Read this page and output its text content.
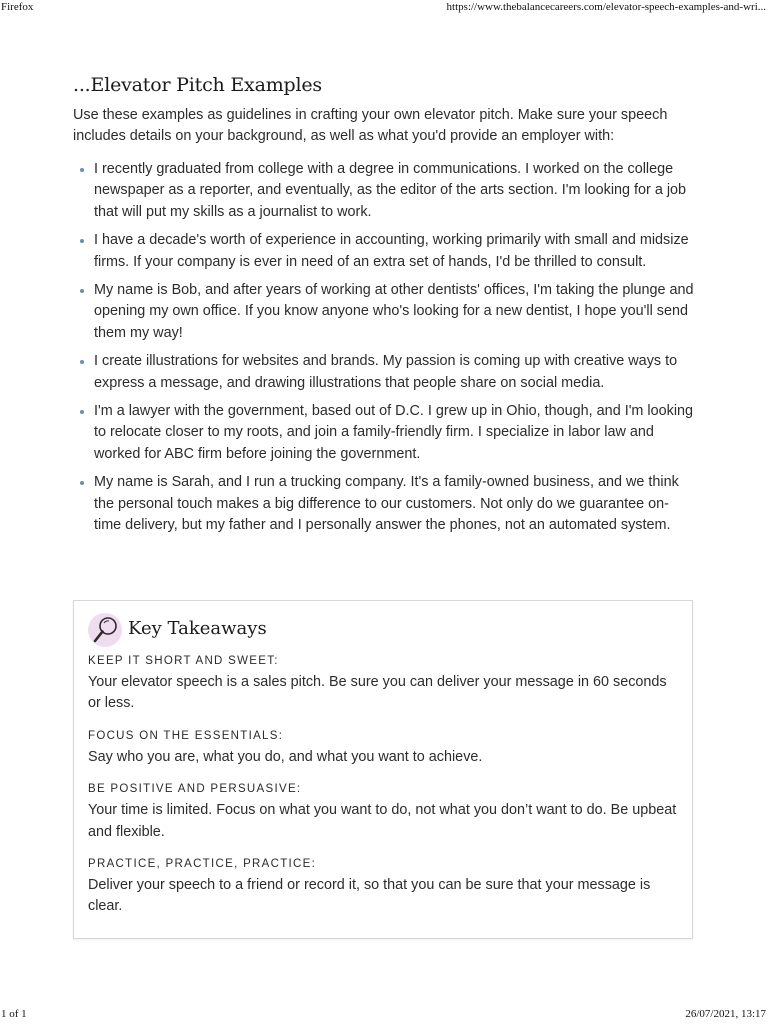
Firefox	https://www.thebalancecareers.com/elevator-speech-examples-and-wri...
...Elevator Pitch Examples

Use these examples as guidelines in crafting your own elevator pitch. Make sure your speech includes details on your background, as well as what you'd provide an employer with:

I recently graduated from college with a degree in communications. I worked on the college newspaper as a reporter, and eventually, as the editor of the arts section. I'm looking for a job that will put my skills as a journalist to work.
I have a decade's worth of experience in accounting, working primarily with small and midsize firms. If your company is ever in need of an extra set of hands, I'd be thrilled to consult.
My name is Bob, and after years of working at other dentists' offices, I'm taking the plunge and opening my own office. If you know anyone who's looking for a new dentist, I hope you'll send them my way!
I create illustrations for websites and brands. My passion is coming up with creative ways to express a message, and drawing illustrations that people share on social media.
I'm a lawyer with the government, based out of D.C. I grew up in Ohio, though, and I'm looking to relocate closer to my roots, and join a family-friendly firm. I specialize in labor law and worked for ABC firm before joining the government.
My name is Sarah, and I run a trucking company. It's a family-owned business, and we think the personal touch makes a big difference to our customers. Not only do we guarantee on-time delivery, but my father and I personally answer the phones, not an automated system.
Key Takeaways
KEEP IT SHORT AND SWEET:
Your elevator speech is a sales pitch. Be sure you can deliver your message in 60 seconds or less.
FOCUS ON THE ESSENTIALS:
Say who you are, what you do, and what you want to achieve.
BE POSITIVE AND PERSUASIVE:
Your time is limited. Focus on what you want to do, not what you don’t want to do. Be upbeat and flexible.
PRACTICE, PRACTICE, PRACTICE:
Deliver your speech to a friend or record it, so that you can be sure that your message is clear.
1 of 1	26/07/2021, 13:17
